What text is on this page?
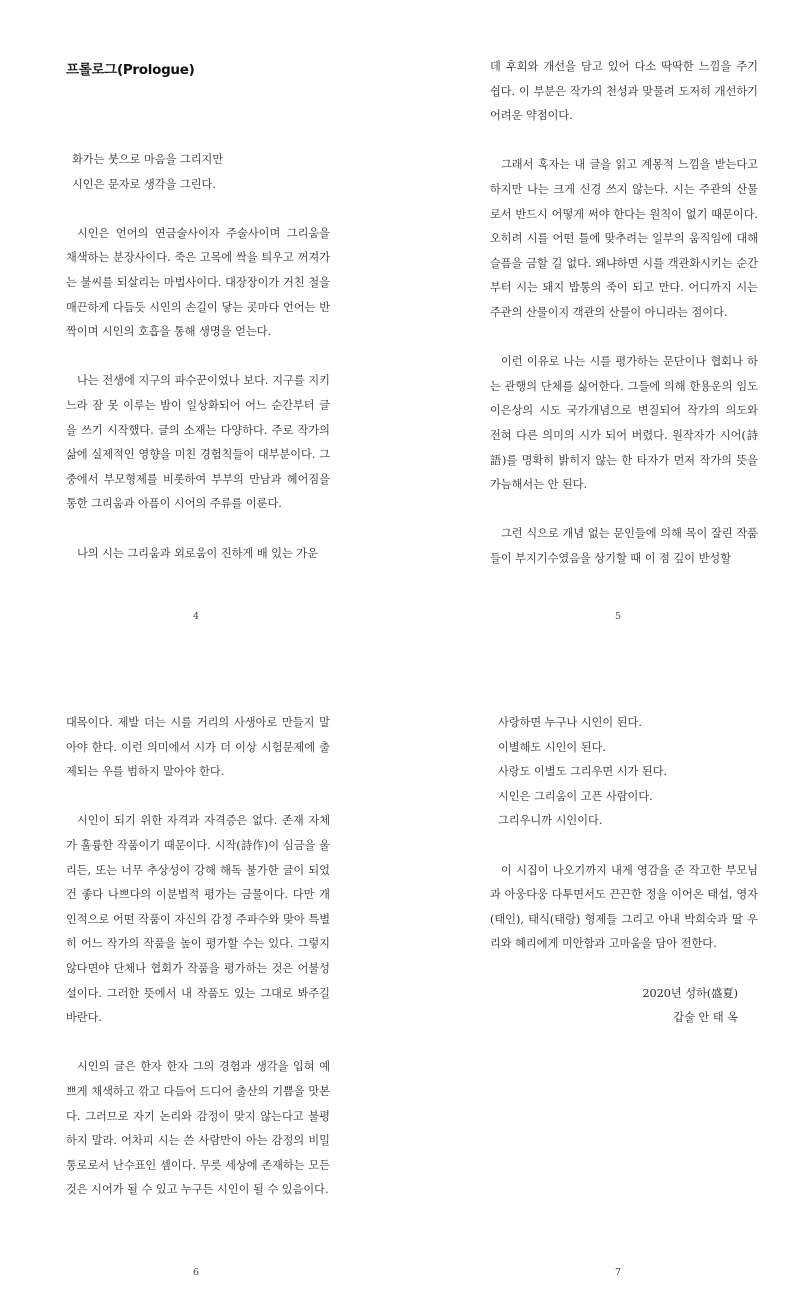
프롤로그(Prologue)
화가는 붓으로 마음을 그리지만
시인은 문자로 생각을 그린다.

시인은 언어의 연금술사이자 주술사이며 그리움을 채색하는 분장사이다. 죽은 고목에 싹을 틔우고 꺼져가는 불씨를 되살리는 마법사이다. 대장장이가 거친 철을 매끈하게 다듬듯 시인의 손길이 닿는 곳마다 언어는 반짝이며 시인의 호흡을 통해 생명을 얻는다.

나는 전생에 지구의 파수꾼이었나 보다. 지구를 지키느라 잠 못 이루는 밤이 일상화되어 어느 순간부터 글을 쓰기 시작했다. 글의 소재는 다양하다. 주로 작가의 삶에 실제적인 영향을 미친 경험칙들이 대부분이다. 그중에서 부모형제를 비롯하여 부부의 만남과 헤어짐을 통한 그리움과 아픔이 시어의 주류를 이룬다.

나의 시는 그리움과 외로움이 진하게 배 있는 가운

4

데 후회와 개선을 담고 있어 다소 딱딱한 느낌을 주기 쉽다. 이 부분은 작가의 천성과 맞물려 도저히 개선하기 어려운 약점이다.

그래서 혹자는 내 글을 읽고 계몽적 느낌을 받는다고 하지만 나는 크게 신경 쓰지 않는다. 시는 주관의 산물로서 반드시 어떻게 써야 한다는 원칙이 없기 때문이다. 오히려 시를 어떤 틀에 맞추려는 일부의 움직임에 대해 슬픔을 금할 길 없다. 왜냐하면 시를 객관화시키는 순간부터 시는 돼지 밥통의 죽이 되고 만다. 어디까지 시는 주관의 산물이지 객관의 산물이 아니라는 점이다.

이런 이유로 나는 시를 평가하는 문단이나 협회나 하는 관행의 단체를 싫어한다. 그들에 의해 한용운의 임도 이은상의 시도 국가개념으로 변질되어 작가의 의도와 전혀 다른 의미의 시가 되어 버렸다. 원작자가 시어(詩語)를 명확히 밝히지 않는 한 타자가 먼저 작가의 뜻을 가늠해서는 안 된다.

그런 식으로 개념 없는 문인들에 의해 목이 잘린 작품들이 부지기수였음을 상기할 때 이 점 깊이 반성할

5

대목이다. 제발 더는 시를 거리의 사생아로 만들지 말아야 한다. 이런 의미에서 시가 더 이상 시험문제에 출제되는 우를 범하지 말아야 한다.

시인이 되기 위한 자격과 자격증은 없다. 존재 자체가 훌륭한 작품이기 때문이다. 시작(詩作)이 심금을 울리든, 또는 너무 추상성이 강해 해독 불가한 글이 되었건 좋다 나쁘다의 이분법적 평가는 금물이다. 다만 개인적으로 어떤 작품이 자신의 감정 주파수와 맞아 특별히 어느 작가의 작품을 높이 평가할 수는 있다. 그렇지 않다면야 단체나 협회가 작품을 평가하는 것은 어불성설이다. 그러한 뜻에서 내 작품도 있는 그대로 봐주길 바란다.

시인의 글은 한자 한자 그의 경험과 생각을 입혀 예쁘게 채색하고 깎고 다듬어 드디어 출산의 기쁨을 맛본다. 그러므로 자기 논리와 감정이 맞지 않는다고 불평하지 말라. 어차피 시는 쓴 사람만이 아는 감정의 비밀통로로서 난수표인 셈이다. 무릇 세상에 존재하는 모든 것은 시어가 될 수 있고 누구든 시인이 될 수 있음이다.

6
사랑하면 누구나 시인이 된다.
이별해도 시인이 된다.
사랑도 이별도 그리우면 시가 된다.
시인은 그리움이 고픈 사람이다.
그리우니까 시인이다.

이 시집이 나오기까지 내게 영감을 준 작고한 부모님과 아웅다웅 다투면서도 끈끈한 정을 이어온 태섭, 영자(태인), 태식(태랑) 형제들 그리고 아내 박희숙과 딸 우리와 혜리에게 미안함과 고마움을 담아 전한다.

2020년 성하(盛夏)
갑술 안 태 옥
7
